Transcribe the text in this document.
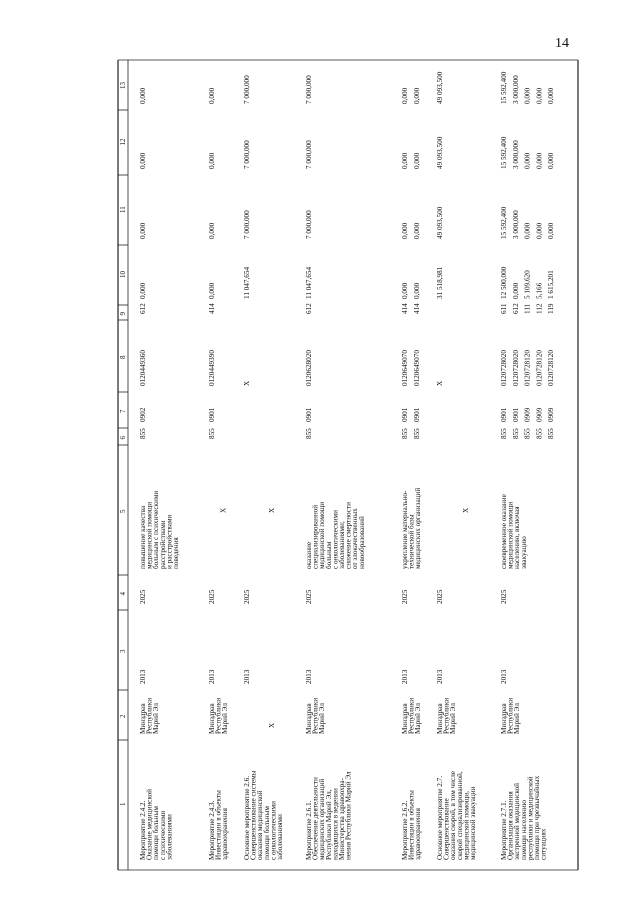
14
1
2
3
4
5
6
7
8
9
10
11
12
13
Мероприятие 2.4.2.
Оказание медицинской
помощи больным
с психическими
заболеваниями
Минздрав
Республики
Марий Эл
2013
2025
повышение качества
медицинской помощи
больным с психическими
расстройствами
и расстройствами
поведения
855
0902
0120449360
612
0,000
0,000
0,000
0,000
Мероприятие 2.4.3.
Инвестиции в объекты
здравоохранения
Минздрав
Республики
Марий Эл
2013
2025
X
855
0901
0120449390
414
0,000
0,000
0,000
0,000
Основное мероприятие 2.6.
Совершенствование системы
оказания медицинской
помощи больным
с онкологическими
заболеваниями
X
2013
2025
X
X
11 047,654
7 000,000
7 000,000
7 000,000
Мероприятие 2.6.1.
Обеспечение деятельности
медицинских организаций
Республики Марий Эл,
находящихся в ведении
Министерства здравоохра-
нения Республики Марий Эл
Минздрав
Республики
Марий Эл
2013
2025
оказание
специализированной
медицинской помощи
больным
с онкологическими
заболеваниями;
снижение смертности
от злокачественных
новообразований
855
0901
0120628020
612
11 047,654
7 000,000
7 000,000
7 000,000
Мероприятие 2.6.2.
Инвестиции в объекты
здравоохранения
Минздрав
Республики
Марий Эл
2013
2025
укрепление материально-
технической базы
медицинских организаций
855 855
0901 0901
0120649070 0120649070
414 414
0,000 0,000
0,000 0,000
0,000 0,000
0,000 0,000
Основное мероприятие 2.7.
Совершенствование
оказания скорой, в том числе
скорой специализированной,
медицинской помощи,
медицинской эвакуации
Минздрав
Республики
Марий Эл
2013
2025
X
X
31 518,981
49 093,500
49 093,500
49 093,500
Мероприятие 2.7.1.
Организация оказания
экстренной медицинской
помощи населению
республики и медицинской
помощи при чрезвычайных
ситуациях
Минздрав
Республики
Марий Эл
2013
2025
своевременное оказание
медицинской помощи
населению, включая
эвакуацию
855 855 855 855 855
0901 0901 0909 0909 0909
0120728020 0120728020 0120728120 0120728120 0120728120
611 612 111 112 119
12 500,000 0,000 5 109,620 5,166 1 615,201
15 592,400 3 000,000 0,000 0,000 0,000
15 592,400 3 000,000 0,000 0,000 0,000
15 592,400 3 000,000 0,000 0,000 0,000
